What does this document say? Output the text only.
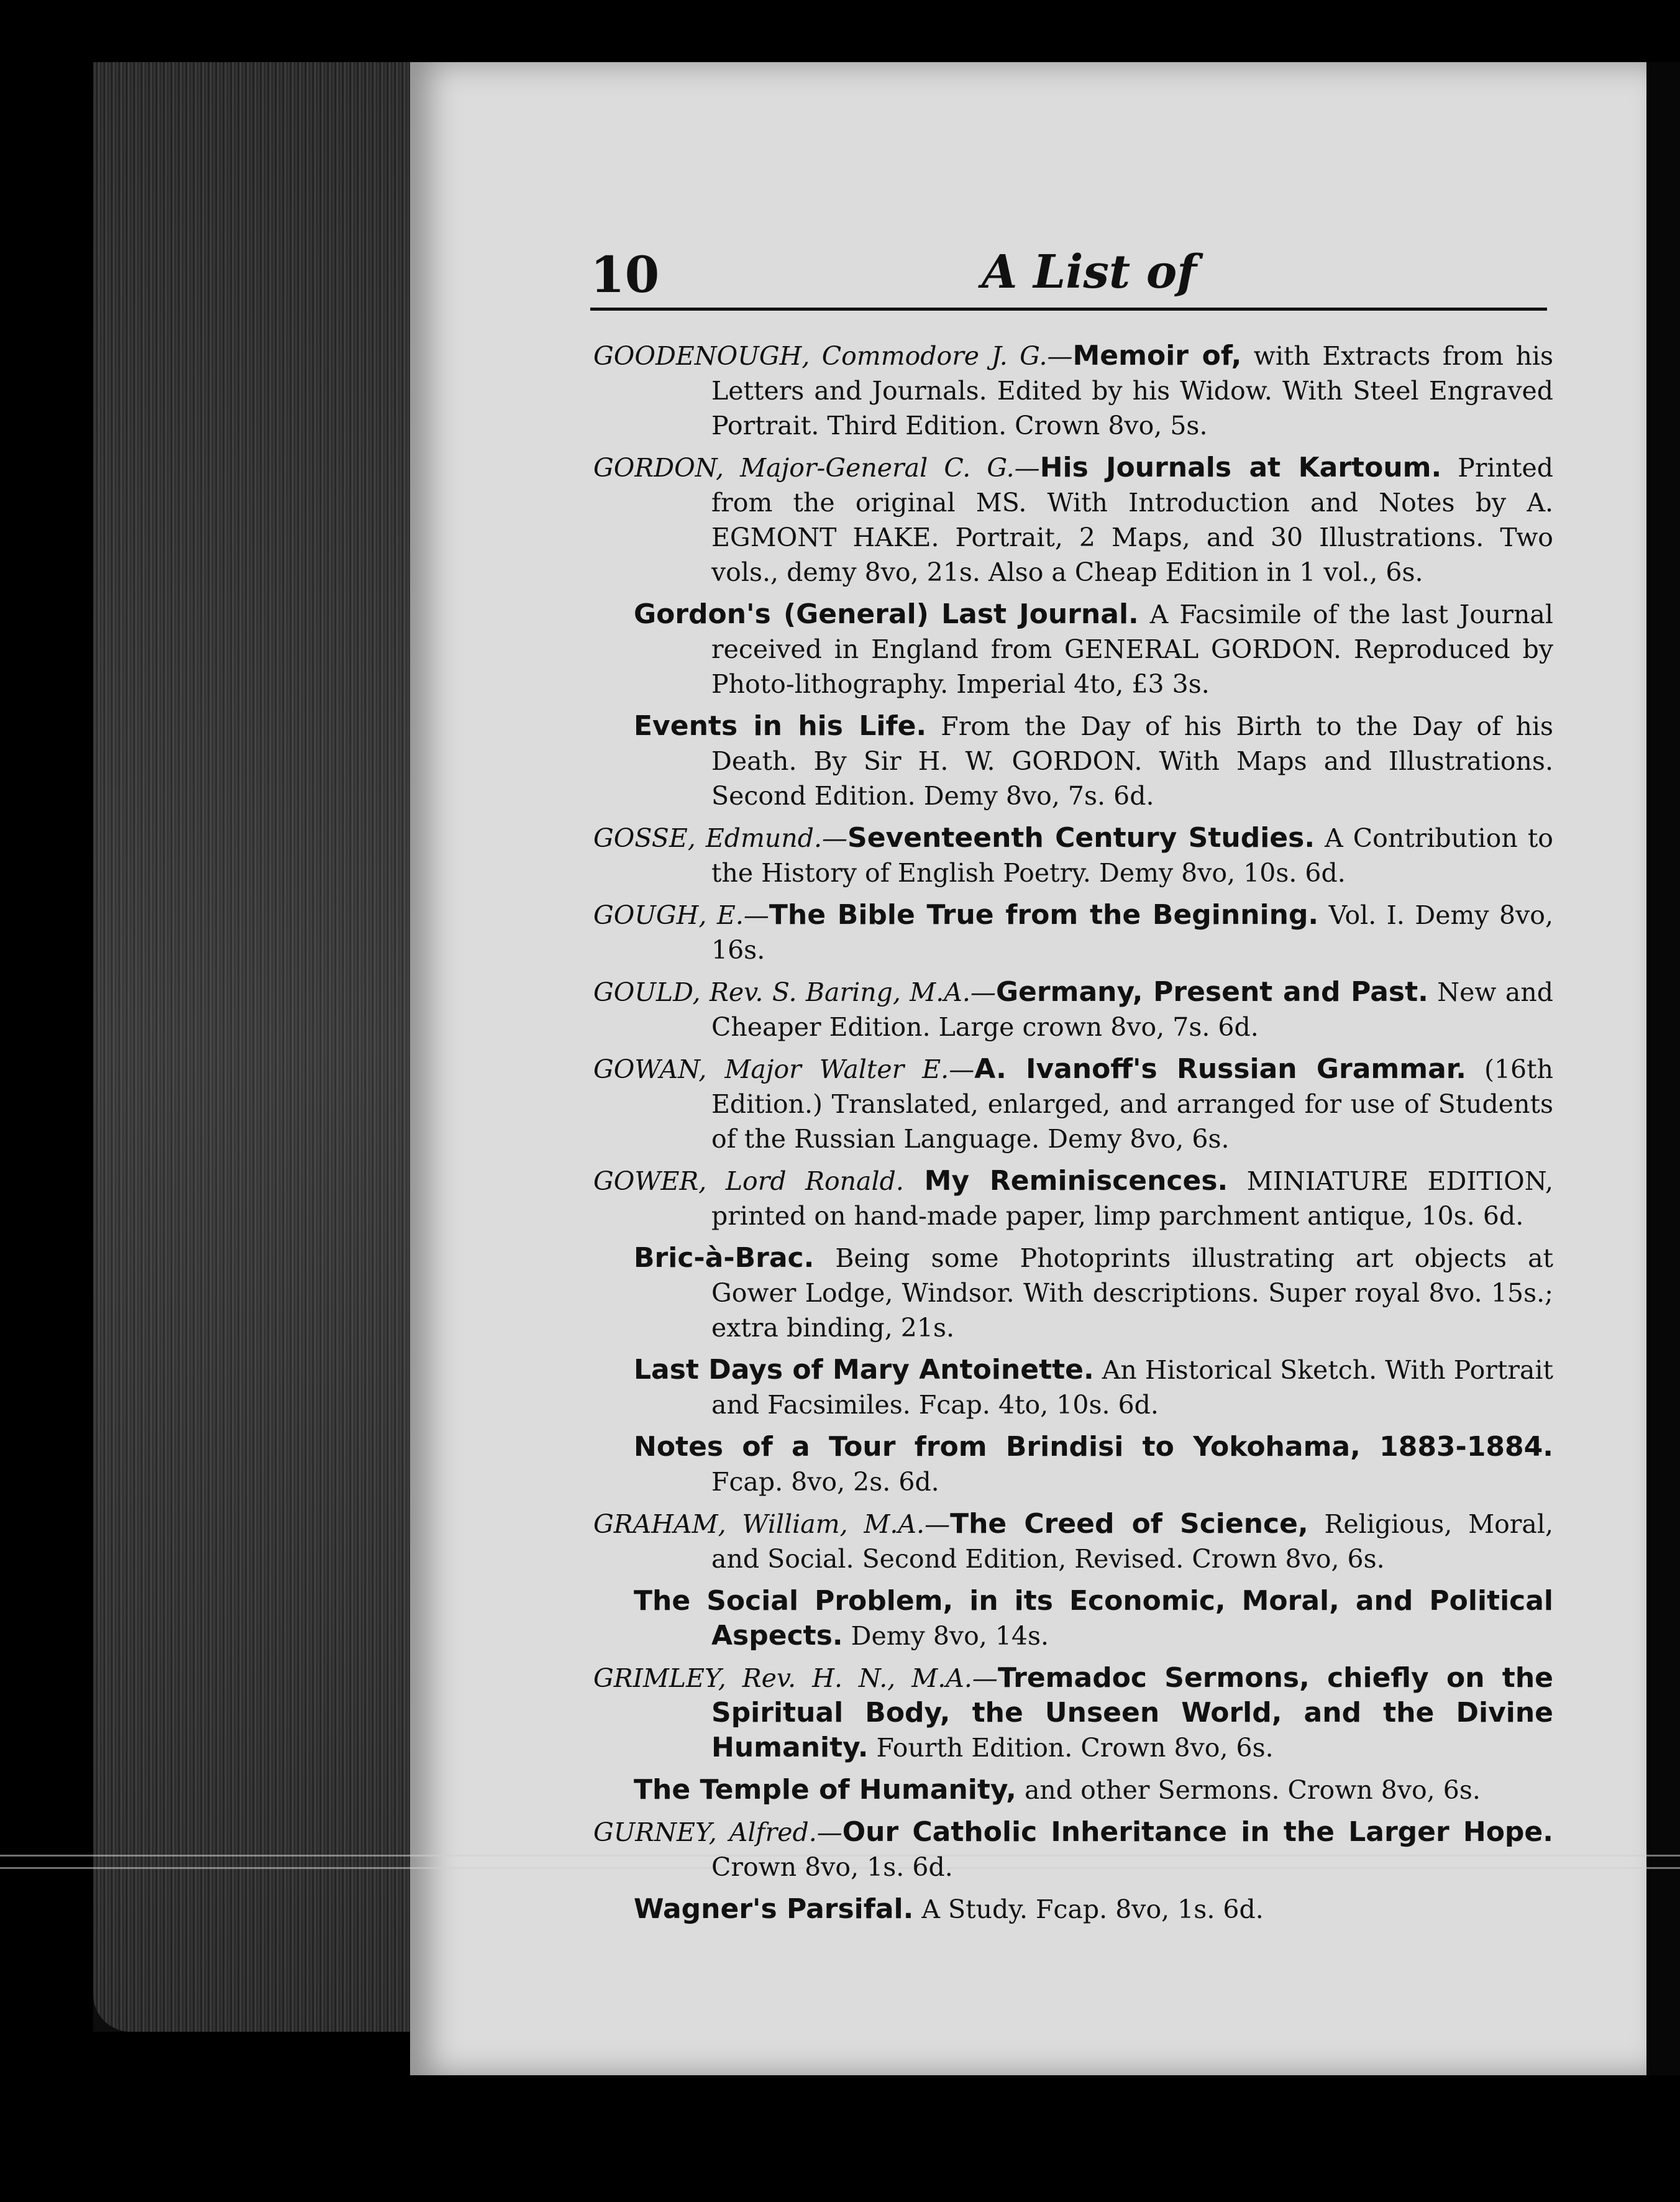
10	A List of

GOODENOUGH, Commodore J. G.—Memoir of, with Extracts from his Letters and Journals. Edited by his Widow. With Steel Engraved Portrait. Third Edition. Crown 8vo, 5s.

GORDON, Major-General C. G.—His Journals at Kartoum. Printed from the original MS. With Introduction and Notes by A. EGMONT HAKE. Portrait, 2 Maps, and 30 Illustrations. Two vols., demy 8vo, 21s. Also a Cheap Edition in 1 vol., 6s.

Gordon's (General) Last Journal. A Facsimile of the last Journal received in England from GENERAL GORDON. Reproduced by Photo-lithography. Imperial 4to, £3 3s.

Events in his Life. From the Day of his Birth to the Day of his Death. By Sir H. W. GORDON. With Maps and Illustrations. Second Edition. Demy 8vo, 7s. 6d.

GOSSE, Edmund.—Seventeenth Century Studies. A Contribution to the History of English Poetry. Demy 8vo, 10s. 6d.

GOUGH, E.—The Bible True from the Beginning. Vol. I. Demy 8vo, 16s.

GOULD, Rev. S. Baring, M.A.—Germany, Present and Past. New and Cheaper Edition. Large crown 8vo, 7s. 6d.

GOWAN, Major Walter E.—A. Ivanoff's Russian Grammar. (16th Edition.) Translated, enlarged, and arranged for use of Students of the Russian Language. Demy 8vo, 6s.

GOWER, Lord Ronald. My Reminiscences. MINIATURE EDITION, printed on hand-made paper, limp parchment antique, 10s. 6d.

Bric-à-Brac. Being some Photoprints illustrating art objects at Gower Lodge, Windsor. With descriptions. Super royal 8vo. 15s.; extra binding, 21s.

Last Days of Mary Antoinette. An Historical Sketch. With Portrait and Facsimiles. Fcap. 4to, 10s. 6d.

Notes of a Tour from Brindisi to Yokohama, 1883-1884. Fcap. 8vo, 2s. 6d.

GRAHAM, William, M.A.—The Creed of Science, Religious, Moral, and Social. Second Edition, Revised. Crown 8vo, 6s.

The Social Problem, in its Economic, Moral, and Political Aspects. Demy 8vo, 14s.

GRIMLEY, Rev. H. N., M.A.—Tremadoc Sermons, chiefly on the Spiritual Body, the Unseen World, and the Divine Humanity. Fourth Edition. Crown 8vo, 6s.

The Temple of Humanity, and other Sermons. Crown 8vo, 6s.

GURNEY, Alfred.—Our Catholic Inheritance in the Larger Hope. Crown 8vo, 1s. 6d.

Wagner's Parsifal. A Study. Fcap. 8vo, 1s. 6d.
